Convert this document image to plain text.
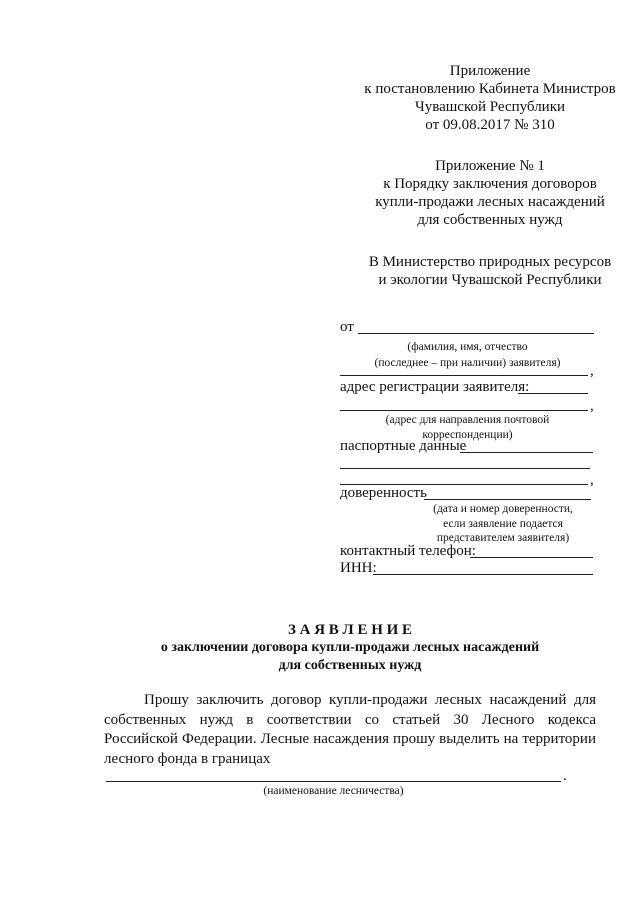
Приложение
к постановлению Кабинета Министров
Чувашской Республики
от 09.08.2017 № 310
Приложение № 1
к Порядку заключения договоров
купли-продажи лесных насаждений
для собственных нужд
В Министерство природных ресурсов
и экологии Чувашской Республики
от
(фамилия, имя, отчество
(последнее – при наличии) заявителя)	,
адрес регистрации заявителя:
,
(адрес для направления почтовой
корреспонденции)
паспортные данные
,
доверенность
(дата и номер доверенности,
если заявление подается
представителем заявителя)
контактный телефон:
ИНН:
З А Я В Л Е Н И Е
о заключении договора купли-продажи лесных насаждений
для собственных нужд
Прошу заключить договор купли-продажи лесных насаждений для собственных нужд в соответствии со статьей 30 Лесного кодекса Российской Федерации. Лесные насаждения прошу выделить на территории лесного фонда в границах
.
(наименование лесничества)
